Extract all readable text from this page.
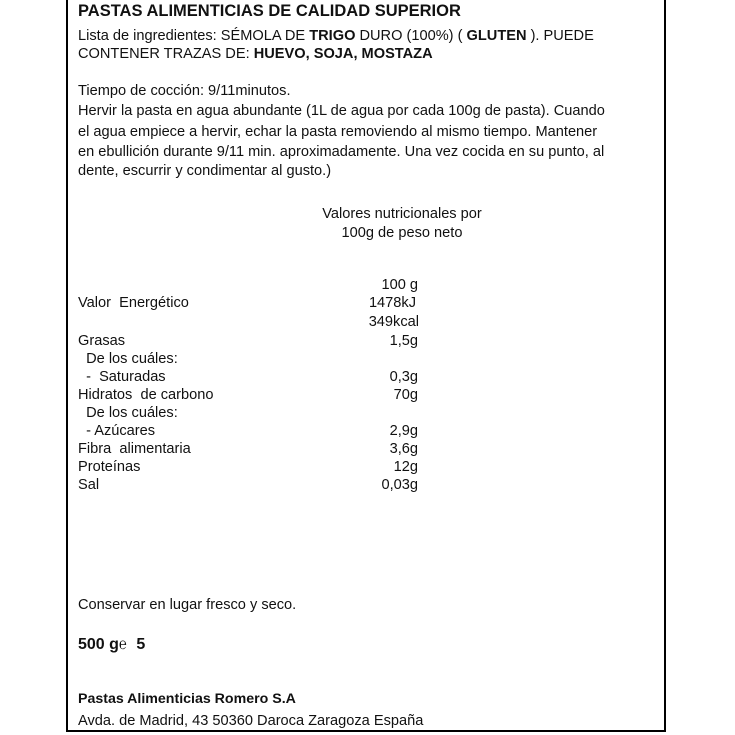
PASTAS ALIMENTICIAS DE CALIDAD SUPERIOR
Lista de ingredientes: SÉMOLA DE TRIGO DURO (100%) ( GLUTEN ). PUEDE
CONTENER TRAZAS DE: HUEVO, SOJA, MOSTAZA
Tiempo de cocción: 9/11minutos.
Hervir la pasta en agua abundante (1L de agua por cada 100g de pasta). Cuando
el agua empiece a hervir, echar la pasta removiendo al mismo tiempo. Mantener
en ebullición durante 9/11 min. aproximadamente. Una vez cocida en su punto, al
dente, escurrir y condimentar al gusto.)
Valores nutricionales por
100g de peso neto
100 g
Valor  Energético	1478kJ
349kcal
Grasas	1,5g
De los cuáles:
-  Saturadas	0,3g
Hidratos  de carbono	70g
De los cuáles:
- Azúcares	2,9g
Fibra  alimentaria	3,6g
Proteínas	12g
Sal	0,03g
Conservar en lugar fresco y seco.
500 g℮ 5
Pastas Alimenticias Romero S.A
Avda. de Madrid, 43 50360 Daroca Zaragoza España
